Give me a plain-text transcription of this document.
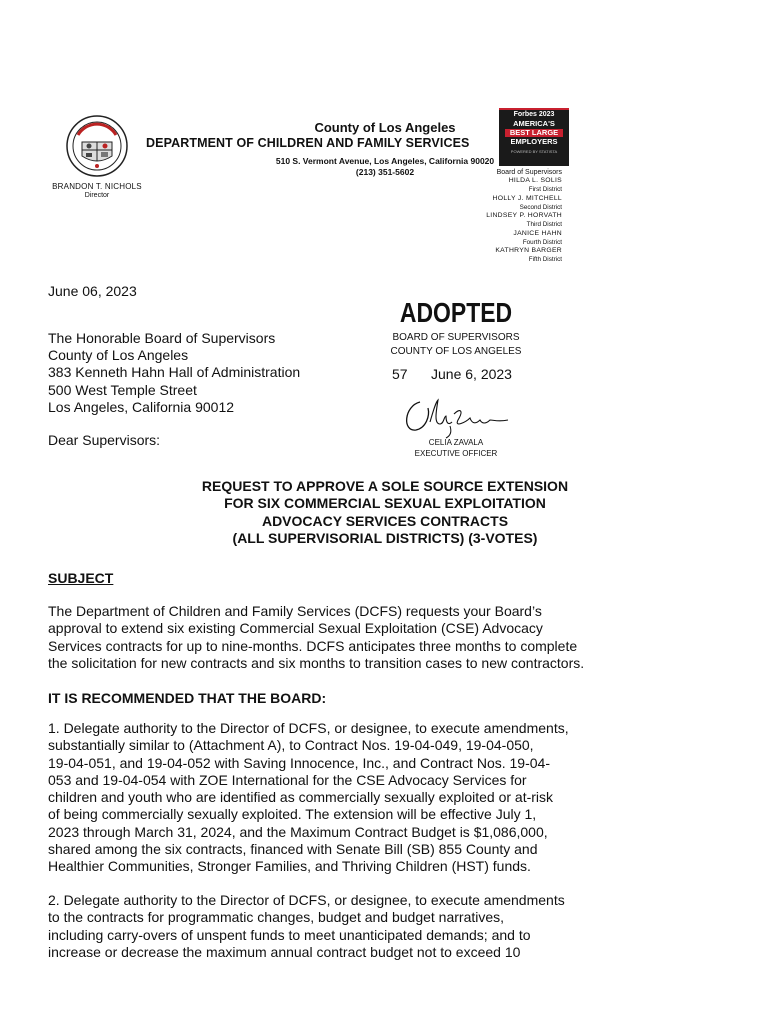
County of Los Angeles
DEPARTMENT OF CHILDREN AND FAMILY SERVICES
510 S. Vermont Avenue, Los Angeles, California 90020
(213) 351-5602
BRANDON T. NICHOLS
Director
Forbes 2023
AMERICA'S
BEST LARGE
EMPLOYERS
POWERED BY STATISTA
Board of Supervisors
HILDA L. SOLIS
First District
HOLLY J. MITCHELL
Second District
LINDSEY P. HORVATH
Third District
JANICE HAHN
Fourth District
KATHRYN BARGER
Fifth District
June 06, 2023
The Honorable Board of Supervisors
County of Los Angeles
383 Kenneth Hahn Hall of Administration
500 West Temple Street
Los Angeles, California 90012
Dear Supervisors:
ADOPTED
BOARD OF SUPERVISORS
COUNTY OF LOS ANGELES
57 June 6, 2023
CELIA ZAVALA
EXECUTIVE OFFICER
REQUEST TO APPROVE A SOLE SOURCE EXTENSION
FOR SIX COMMERCIAL SEXUAL EXPLOITATION
ADVOCACY SERVICES CONTRACTS
(ALL SUPERVISORIAL DISTRICTS) (3-VOTES)
SUBJECT
The Department of Children and Family Services (DCFS) requests your Board’s
approval to extend six existing Commercial Sexual Exploitation (CSE) Advocacy
Services contracts for up to nine-months. DCFS anticipates three months to complete
the solicitation for new contracts and six months to transition cases to new contractors.
IT IS RECOMMENDED THAT THE BOARD:
1. Delegate authority to the Director of DCFS, or designee, to execute amendments,
substantially similar to (Attachment A), to Contract Nos. 19-04-049, 19-04-050,
19-04-051, and 19-04-052 with Saving Innocence, Inc., and Contract Nos. 19-04-
053 and 19-04-054 with ZOE International for the CSE Advocacy Services for
children and youth who are identified as commercially sexually exploited or at-risk
of being commercially sexually exploited. The extension will be effective July 1,
2023 through March 31, 2024, and the Maximum Contract Budget is $1,086,000,
shared among the six contracts, financed with Senate Bill (SB) 855 County and
Healthier Communities, Stronger Families, and Thriving Children (HST) funds.
2. Delegate authority to the Director of DCFS, or designee, to execute amendments
to the contracts for programmatic changes, budget and budget narratives,
including carry-overs of unspent funds to meet unanticipated demands; and to
increase or decrease the maximum annual contract budget not to exceed 10
